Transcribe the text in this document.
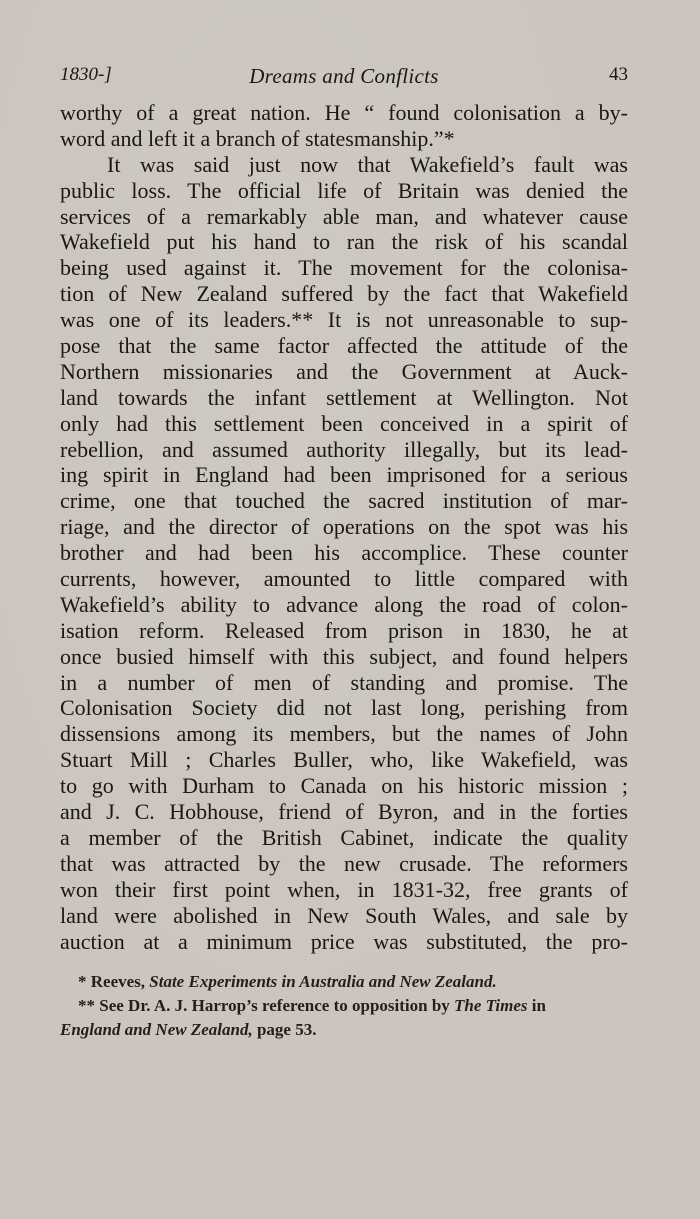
1830-]	Dreams and Conflicts	43
worthy of a great nation. He “ found colonisation a by-
word and left it a branch of statesmanship.”*
It was said just now that Wakefield’s fault was
public loss. The official life of Britain was denied the
services of a remarkably able man, and whatever cause
Wakefield put his hand to ran the risk of his scandal
being used against it. The movement for the colonisa-
tion of New Zealand suffered by the fact that Wakefield
was one of its leaders.** It is not unreasonable to sup-
pose that the same factor affected the attitude of the
Northern missionaries and the Government at Auck-
land towards the infant settlement at Wellington. Not
only had this settlement been conceived in a spirit of
rebellion, and assumed authority illegally, but its lead-
ing spirit in England had been imprisoned for a serious
crime, one that touched the sacred institution of mar-
riage, and the director of operations on the spot was his
brother and had been his accomplice. These counter
currents, however, amounted to little compared with
Wakefield’s ability to advance along the road of colon-
isation reform. Released from prison in 1830, he at
once busied himself with this subject, and found helpers
in a number of men of standing and promise. The
Colonisation Society did not last long, perishing from
dissensions among its members, but the names of John
Stuart Mill ; Charles Buller, who, like Wakefield, was
to go with Durham to Canada on his historic mission ;
and J. C. Hobhouse, friend of Byron, and in the forties
a member of the British Cabinet, indicate the quality
that was attracted by the new crusade. The reformers
won their first point when, in 1831-32, free grants of
land were abolished in New South Wales, and sale by
auction at a minimum price was substituted, the pro-
* Reeves, State Experiments in Australia and New Zealand.
** See Dr. A. J. Harrop’s reference to opposition by The Times in
England and New Zealand, page 53.
